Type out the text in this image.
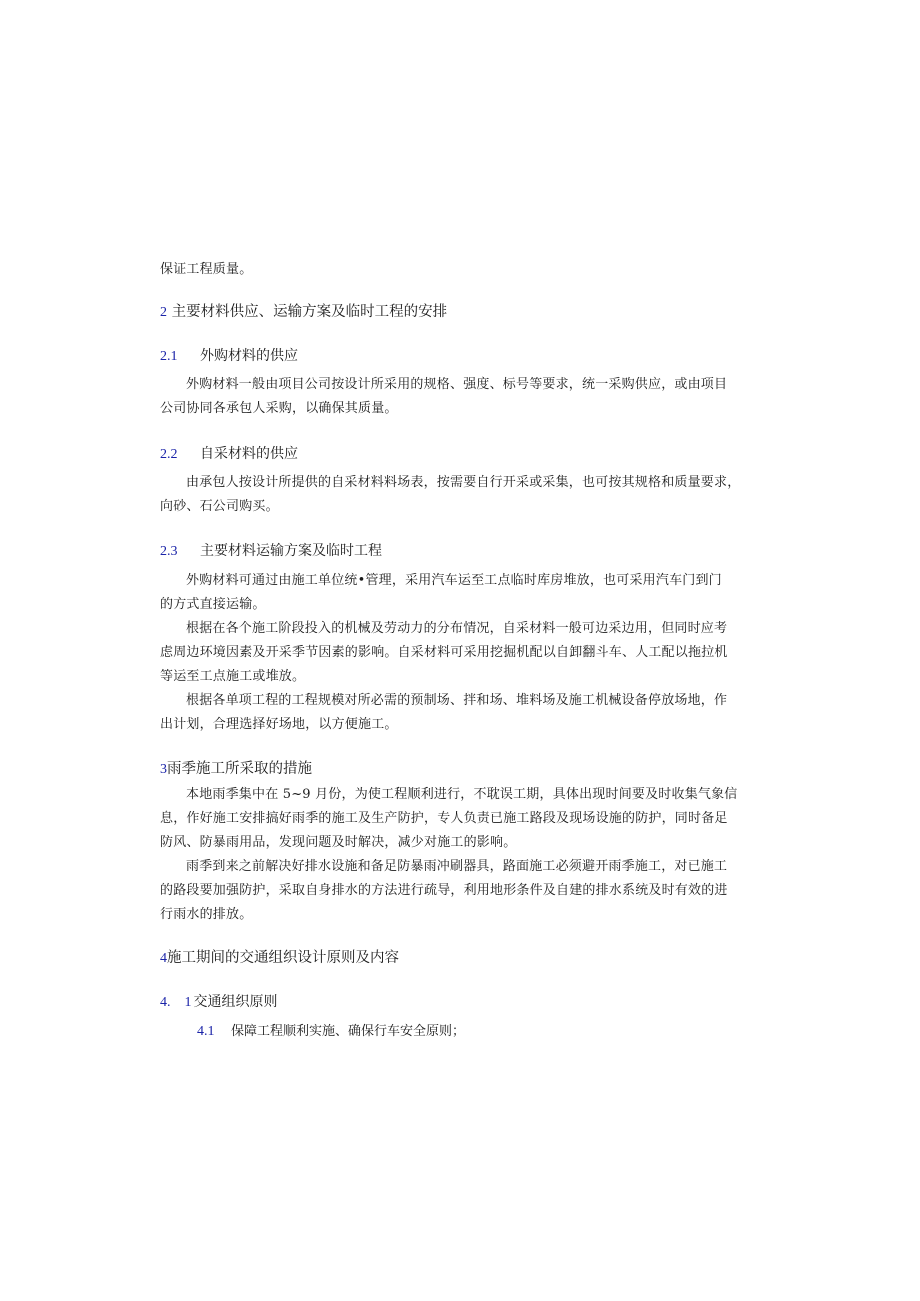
保证工程质量。
2 主要材料供应、运输方案及临时工程的安排
2.1 外购材料的供应
外购材料一般由项目公司按设计所采用的规格、强度、标号等要求，统一采购供应，或由项目
公司协同各承包人采购，以确保其质量。
2.2 自采材料的供应
由承包人按设计所提供的自采材料料场表，按需要自行开采或采集，也可按其规格和质量要求，
向砂、石公司购买。
2.3 主要材料运输方案及临时工程
外购材料可通过由施工单位统•管理，采用汽车运至工点临时库房堆放，也可采用汽车门到门
的方式直接运输。
根据在各个施工阶段投入的机械及劳动力的分布情况，自采材料一般可边采边用，但同时应考
虑周边环境因素及开采季节因素的影响。自采材料可采用挖掘机配以自卸翻斗车、人工配以拖拉机
等运至工点施工或堆放。
根据各单项工程的工程规模对所必需的预制场、拌和场、堆料场及施工机械设备停放场地，作
出计划，合理选择好场地，以方便施工。
3雨季施工所采取的措施
本地雨季集中在 5~9 月份，为使工程顺利进行，不耽误工期，具体出现时间要及时收集气象信
息，作好施工安排搞好雨季的施工及生产防护，专人负责已施工路段及现场设施的防护，同时备足
防风、防暴雨用品，发现问题及时解决，减少对施工的影响。
雨季到来之前解决好排水设施和备足防暴雨冲刷器具，路面施工必须避开雨季施工，对已施工
的路段要加强防护，采取自身排水的方法进行疏导，利用地形条件及自建的排水系统及时有效的进
行雨水的排放。
4施工期间的交通组织设计原则及内容
4.　1 交通组织原则
4.1 保障工程顺利实施、确保行车安全原则；
